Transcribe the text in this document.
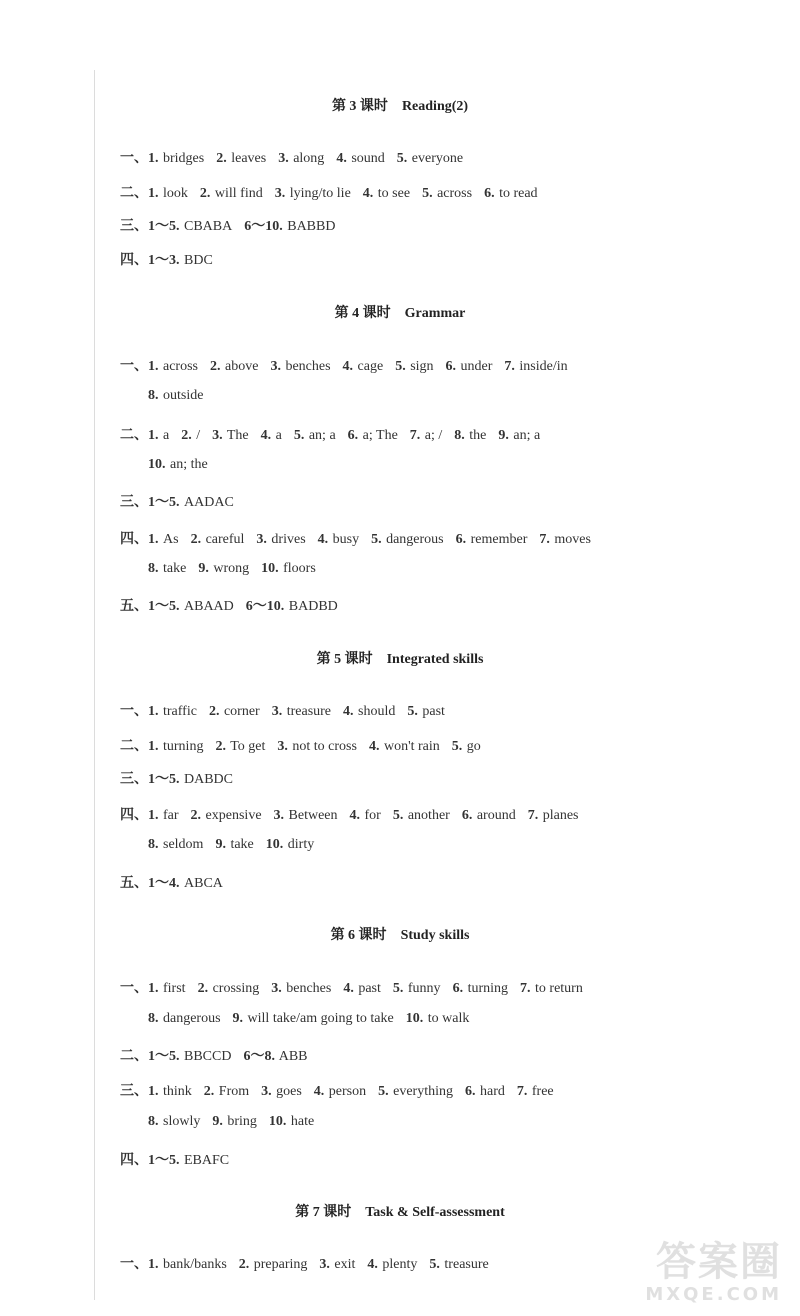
第 3 课时 Reading(2)
一、1. bridges 2. leaves 3. along 4. sound 5. everyone
二、1. look 2. will find 3. lying/to lie 4. to see 5. across 6. to read
三、1～5. CBABA 6～10. BABBD
四、1～3. BDC
第 4 课时 Grammar
一、1. across 2. above 3. benches 4. cage 5. sign 6. under 7. inside/in
8. outside
二、1. a 2. / 3. The 4. a 5. an; a 6. a; The 7. a; / 8. the 9. an; a
10. an; the
三、1～5. AADAC
四、1. As 2. careful 3. drives 4. busy 5. dangerous 6. remember 7. moves
8. take 9. wrong 10. floors
五、1～5. ABAAD 6～10. BADBD
第 5 课时 Integrated skills
一、1. traffic 2. corner 3. treasure 4. should 5. past
二、1. turning 2. To get 3. not to cross 4. won't rain 5. go
三、1～5. DABDC
四、1. far 2. expensive 3. Between 4. for 5. another 6. around 7. planes
8. seldom 9. take 10. dirty
五、1～4. ABCA
第 6 课时 Study skills
一、1. first 2. crossing 3. benches 4. past 5. funny 6. turning 7. to return
8. dangerous 9. will take/am going to take 10. to walk
二、1～5. BBCCD 6～8. ABB
三、1. think 2. From 3. goes 4. person 5. everything 6. hard 7. free
8. slowly 9. bring 10. hate
四、1～5. EBAFC
第 7 课时 Task & Self-assessment
一、1. bank/banks 2. preparing 3. exit 4. plenty 5. treasure	答案圈
MXQE.COM
